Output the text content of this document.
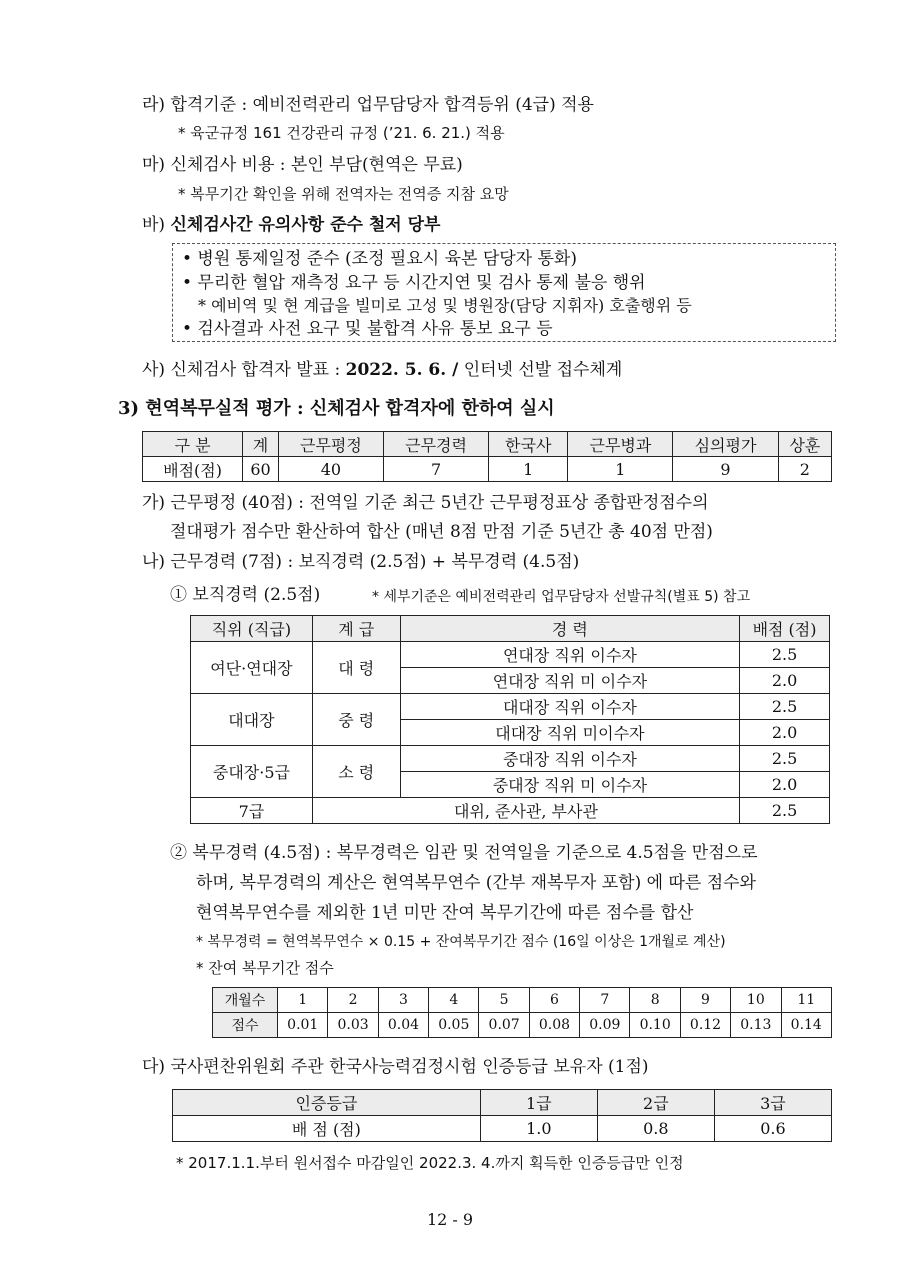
라) 합격기준 : 예비전력관리 업무담당자 합격등위 (4급) 적용
* 육군규정 161 건강관리 규정 (’21. 6. 21.) 적용
마) 신체검사 비용 : 본인 부담(현역은 무료)
* 복무기간 확인을 위해 전역자는 전역증 지참 요망
바) 신체검사간 유의사항 준수 철저 당부
• 병원 통제일정 준수 (조정 필요시 육본 담당자 통화)
• 무리한 혈압 재측정 요구 등 시간지연 및 검사 통제 불응 행위
* 예비역 및 현 계급을 빌미로 고성 및 병원장(담당 지휘자) 호출행위 등
• 검사결과 사전 요구 및 불합격 사유 통보 요구 등
사) 신체검사 합격자 발표 : 2022. 5. 6. / 인터넷 선발 접수체계
3) 현역복무실적 평가 : 신체검사 합격자에 한하여 실시
구 분	계	근무평정	근무경력	한국사	근무병과	심의평가	상훈
배점(점)	60	40	7	1	1	9	2
가) 근무평정 (40점) : 전역일 기준 최근 5년간 근무평정표상 종합판정점수의
절대평가 점수만 환산하여 합산 (매년 8점 만점 기준 5년간 총 40점 만점)
나) 근무경력 (7점) : 보직경력 (2.5점) + 복무경력 (4.5점)
① 보직경력 (2.5점)	* 세부기준은 예비전력관리 업무담당자 선발규칙(별표 5) 참고
직위 (직급)	계 급	경 력	배점 (점)
여단·연대장	대 령	연대장 직위 이수자	2.5
		연대장 직위 미 이수자	2.0
대대장	중 령	대대장 직위 이수자	2.5
		대대장 직위 미이수자	2.0
중대장·5급	소 령	중대장 직위 이수자	2.5
		중대장 직위 미 이수자	2.0
7급	대위, 준사관, 부사관		2.5
② 복무경력 (4.5점) : 복무경력은 임관 및 전역일을 기준으로 4.5점을 만점으로
하며, 복무경력의 계산은 현역복무연수 (간부 재복무자 포함) 에 따른 점수와
현역복무연수를 제외한 1년 미만 잔여 복무기간에 따른 점수를 합산
* 복무경력 = 현역복무연수 × 0.15 + 잔여복무기간 점수 (16일 이상은 1개월로 계산)
* 잔여 복무기간 점수
개월수	1	2	3	4	5	6	7	8	9	10	11
점수	0.01	0.03	0.04	0.05	0.07	0.08	0.09	0.10	0.12	0.13	0.14
다) 국사편찬위원회 주관 한국사능력검정시험 인증등급 보유자 (1점)
인증등급	1급	2급	3급
배 점 (점)	1.0	0.8	0.6
* 2017.1.1.부터 원서접수 마감일인 2022.3. 4.까지 획득한 인증등급만 인정
12 - 9
